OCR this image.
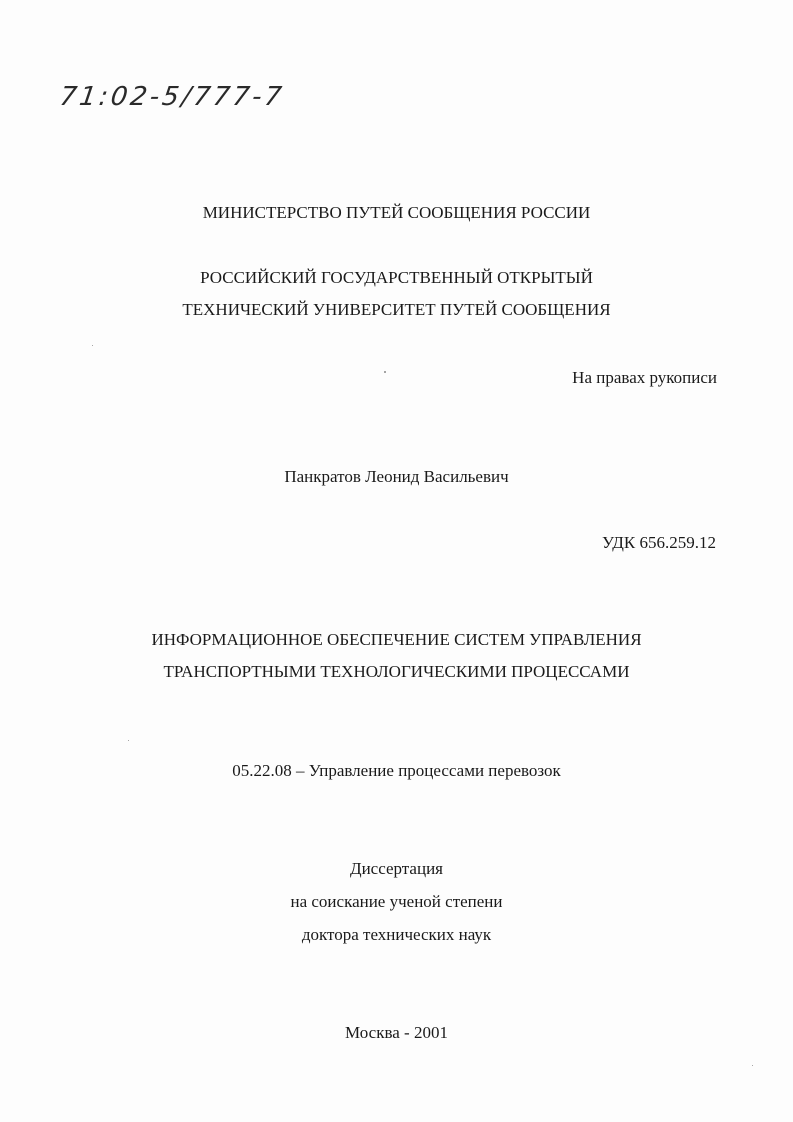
71:02-5/777-7
МИНИСТЕРСТВО ПУТЕЙ СООБЩЕНИЯ РОССИИ
РОССИЙСКИЙ ГОСУДАРСТВЕННЫЙ ОТКРЫТЫЙ
ТЕХНИЧЕСКИЙ УНИВЕРСИТЕТ ПУТЕЙ СООБЩЕНИЯ
На правах рукописи
Панкратов Леонид Васильевич
УДК 656.259.12
ИНФОРМАЦИОННОЕ ОБЕСПЕЧЕНИЕ СИСТЕМ УПРАВЛЕНИЯ
ТРАНСПОРТНЫМИ ТЕХНОЛОГИЧЕСКИМИ ПРОЦЕССАМИ
05.22.08 – Управление процессами перевозок
Диссертация
на соискание ученой степени
доктора технических наук
Москва - 2001
